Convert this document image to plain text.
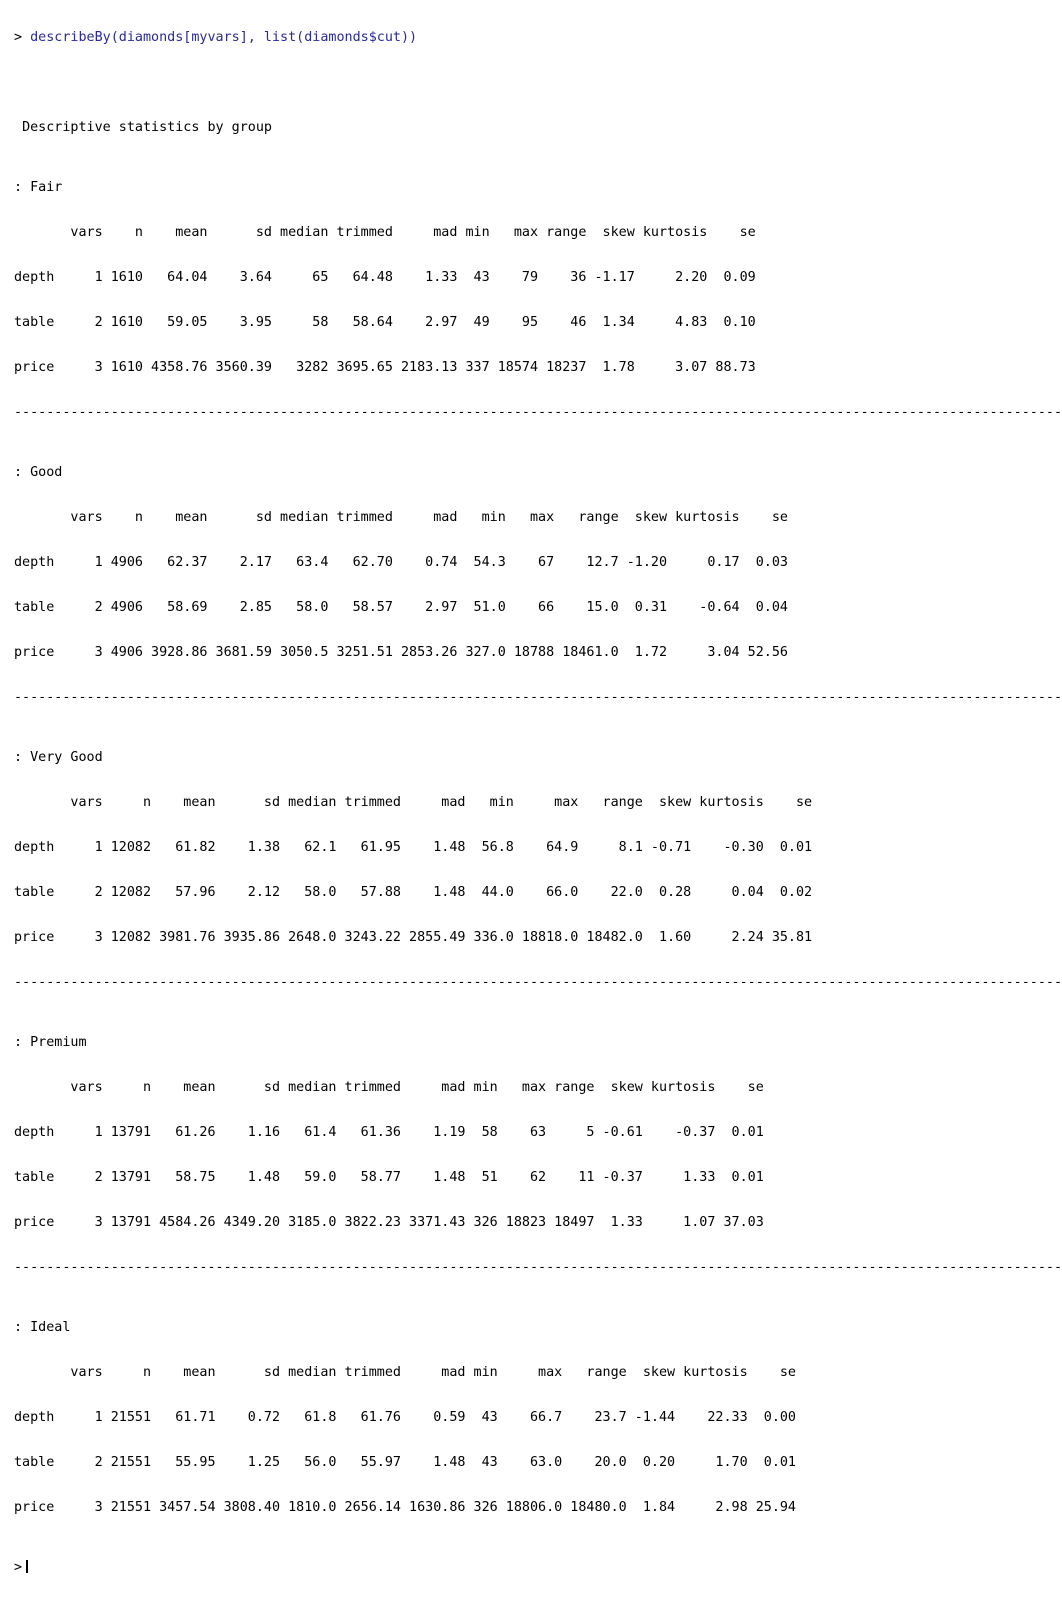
> describeBy(diamonds[myvars], list(diamonds$cut))

Descriptive statistics by group

: Fair

vars    n    mean      sd median trimmed     mad min   max range  skew kurtosis    se

depth     1 1610   64.04    3.64     65   64.48    1.33  43    79    36 -1.17     2.20  0.09

table     2 1610   59.05    3.95     58   58.64    2.97  49    95    46  1.34     4.83  0.10

price     3 1610 4358.76 3560.39   3282 3695.65 2183.13 337 18574 18237  1.78     3.07 88.73

----------------------------------------------------------------------------------------------------------------------------------

: Good

vars    n    mean      sd median trimmed     mad   min   max   range  skew kurtosis    se

depth     1 4906   62.37    2.17   63.4   62.70    0.74  54.3    67    12.7 -1.20     0.17  0.03

table     2 4906   58.69    2.85   58.0   58.57    2.97  51.0    66    15.0  0.31    -0.64  0.04

price     3 4906 3928.86 3681.59 3050.5 3251.51 2853.26 327.0 18788 18461.0  1.72     3.04 52.56

----------------------------------------------------------------------------------------------------------------------------------

: Very Good

vars     n    mean      sd median trimmed     mad   min     max   range  skew kurtosis    se

depth     1 12082   61.82    1.38   62.1   61.95    1.48  56.8    64.9     8.1 -0.71    -0.30  0.01

table     2 12082   57.96    2.12   58.0   57.88    1.48  44.0    66.0    22.0  0.28     0.04  0.02

price     3 12082 3981.76 3935.86 2648.0 3243.22 2855.49 336.0 18818.0 18482.0  1.60     2.24 35.81

----------------------------------------------------------------------------------------------------------------------------------

: Premium

vars     n    mean      sd median trimmed     mad min   max range  skew kurtosis    se

depth     1 13791   61.26    1.16   61.4   61.36    1.19  58    63     5 -0.61    -0.37  0.01

table     2 13791   58.75    1.48   59.0   58.77    1.48  51    62    11 -0.37     1.33  0.01

price     3 13791 4584.26 4349.20 3185.0 3822.23 3371.43 326 18823 18497  1.33     1.07 37.03

----------------------------------------------------------------------------------------------------------------------------------

: Ideal

vars     n    mean      sd median trimmed     mad min     max   range  skew kurtosis    se

depth     1 21551   61.71    0.72   61.8   61.76    0.59  43    66.7    23.7 -1.44    22.33  0.00

table     2 21551   55.95    1.25   56.0   55.97    1.48  43    63.0    20.0  0.20     1.70  0.01

price     3 21551 3457.54 3808.40 1810.0 2656.14 1630.86 326 18806.0 18480.0  1.84     2.98 25.94

>
